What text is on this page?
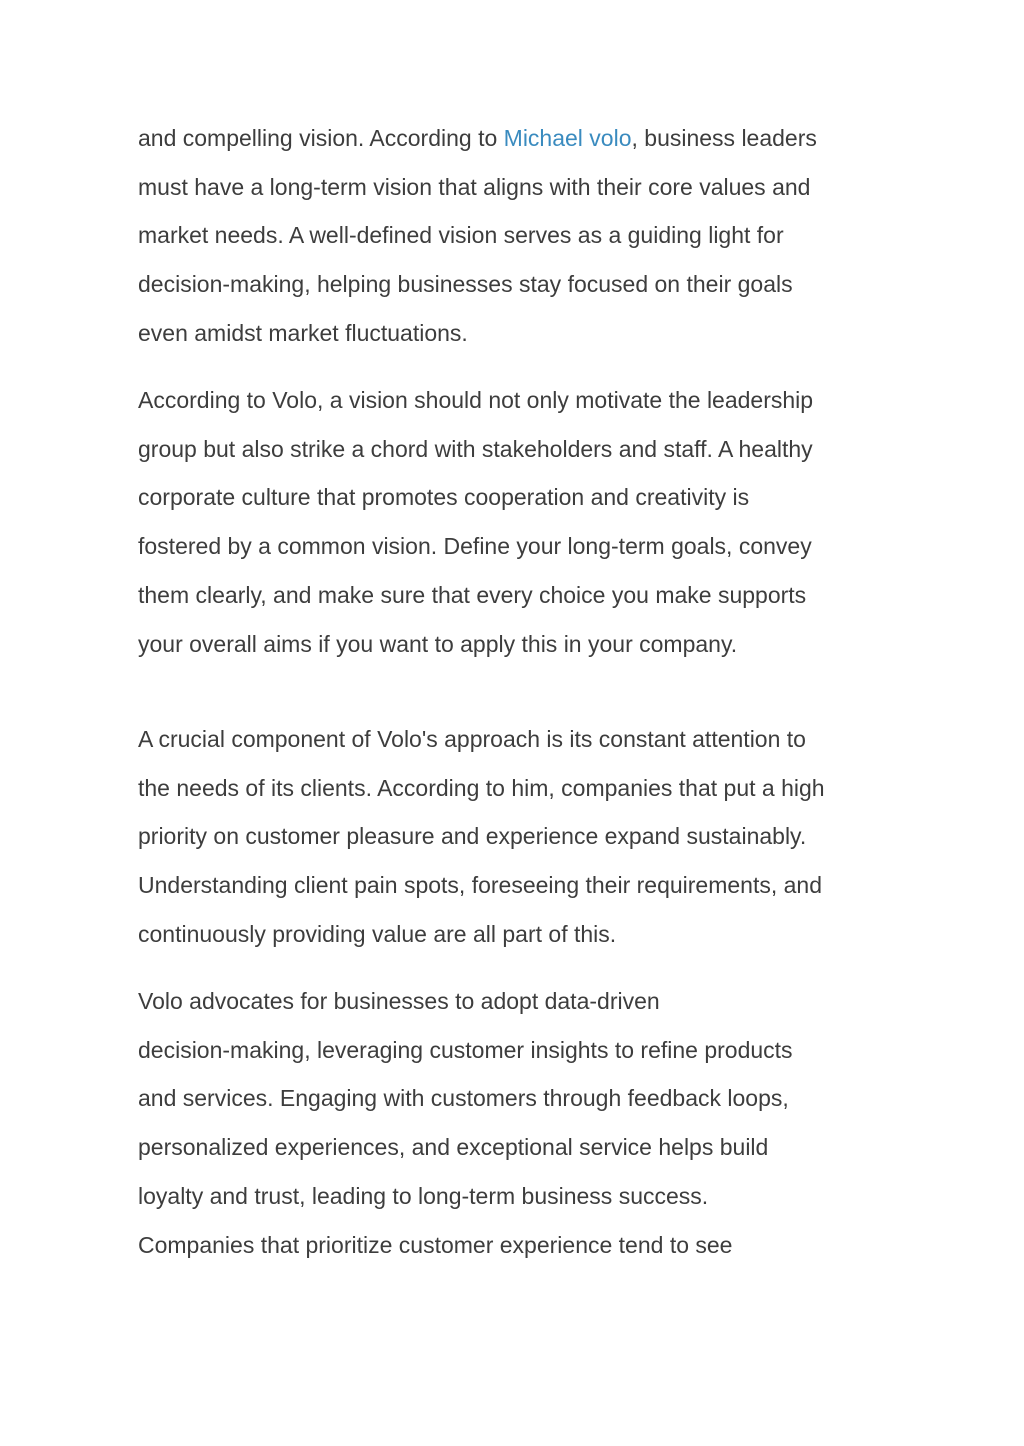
and compelling vision. According to Michael volo, business leaders
must have a long-term vision that aligns with their core values and
market needs. A well-defined vision serves as a guiding light for
decision-making, helping businesses stay focused on their goals
even amidst market fluctuations.

According to Volo, a vision should not only motivate the leadership
group but also strike a chord with stakeholders and staff. A healthy
corporate culture that promotes cooperation and creativity is
fostered by a common vision. Define your long-term goals, convey
them clearly, and make sure that every choice you make supports
your overall aims if you want to apply this in your company.

A crucial component of Volo's approach is its constant attention to
the needs of its clients. According to him, companies that put a high
priority on customer pleasure and experience expand sustainably.
Understanding client pain spots, foreseeing their requirements, and
continuously providing value are all part of this.

Volo advocates for businesses to adopt data-driven
decision-making, leveraging customer insights to refine products
and services. Engaging with customers through feedback loops,
personalized experiences, and exceptional service helps build
loyalty and trust, leading to long-term business success.
Companies that prioritize customer experience tend to see
